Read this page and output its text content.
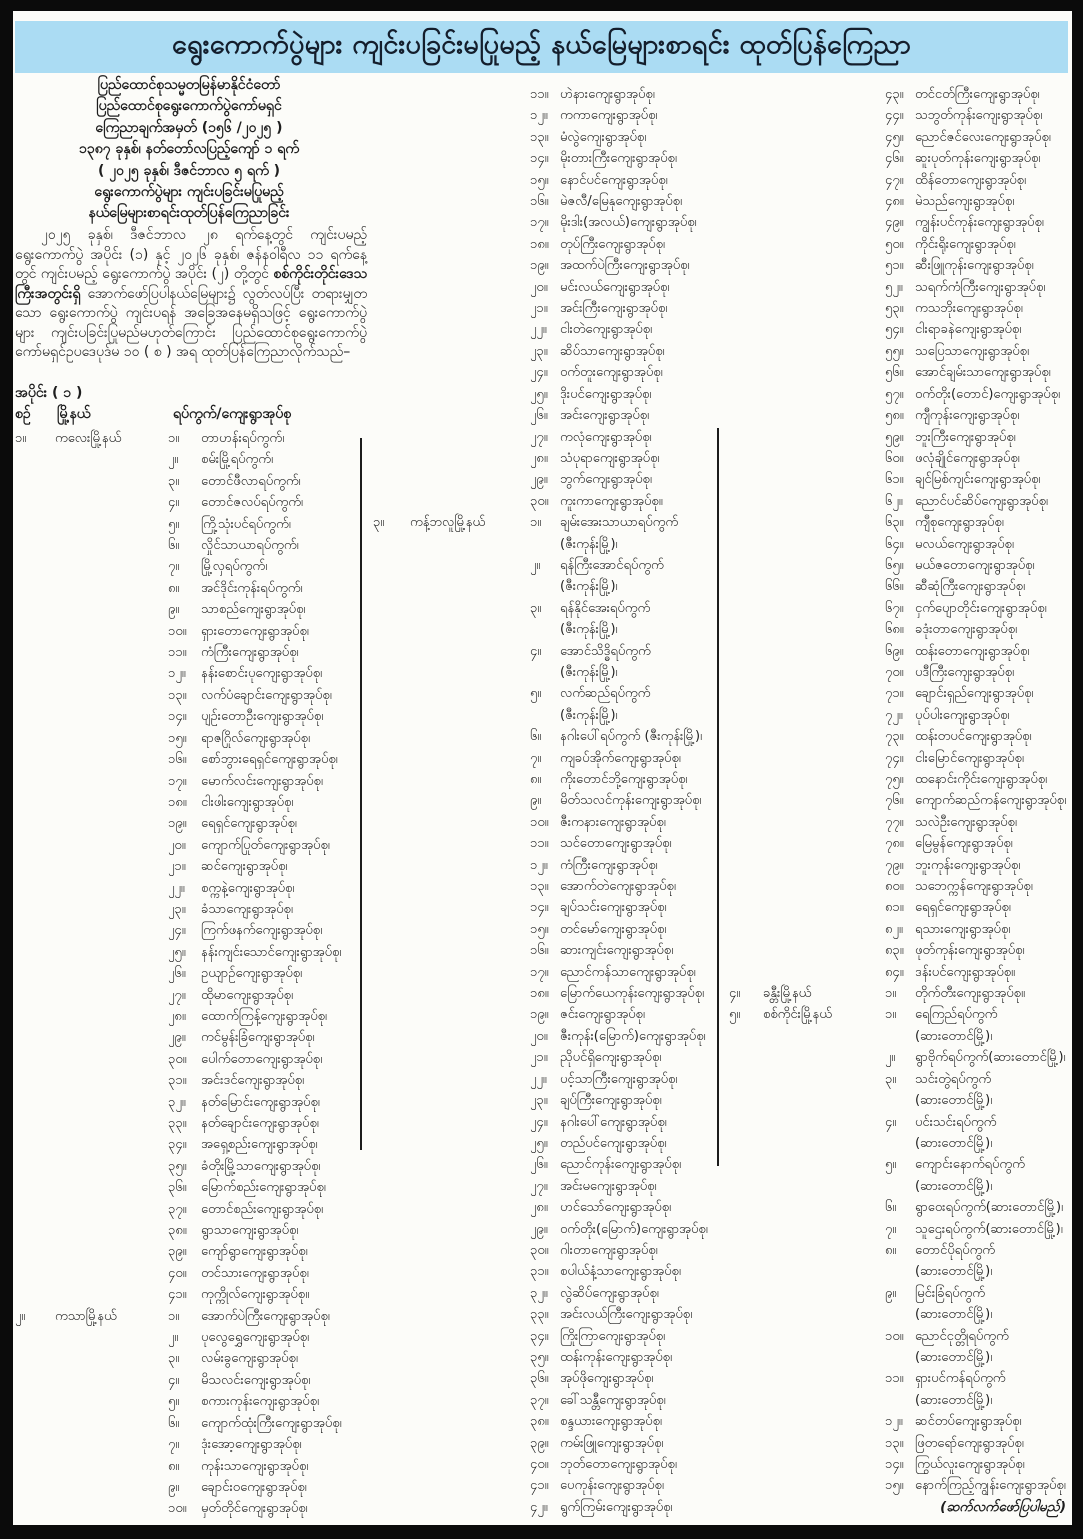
ရွေးကောက်ပွဲများ ကျင်းပခြင်းမပြုမည့် နယ်မြေများစာရင်း ထုတ်ပြန်ကြေညာ
ပြည်ထောင်စုသမ္မတမြန်မာနိုင်ငံတော်
ပြည်ထောင်စုရွေးကောက်ပွဲကော်မရှင်
ကြေညာချက်အမှတ် (၁၅၆ /၂၀၂၅ )
၁၃၈၇ ခုနှစ်၊ နတ်တော်လပြည့်ကျော် ၁ ရက်
( ၂၀၂၅ ခုနှစ်၊ ဒီဇင်ဘာလ ၅ ရက် )
ရွေးကောက်ပွဲများ ကျင်းပခြင်းမပြုမည့်
နယ်မြေများစာရင်းထုတ်ပြန်ကြေညာခြင်း
၂၀၂၅ ခုနှစ်၊ ဒီဇင်ဘာလ ၂၈ ရက်နေ့တွင် ကျင်းပမည့် ရွေးကောက်ပွဲ အပိုင်း (၁) နှင့် ၂၀၂၆ ခုနှစ်၊ ဇန်နဝါရီလ ၁၁ ရက်နေ့တွင် ကျင်းပမည့် ရွေးကောက်ပွဲ အပိုင်း (၂) တို့တွင် စစ်ကိုင်းတိုင်းဒေသကြီးအတွင်းရှိ အောက်ဖော်ပြပါနယ်မြေများ၌ လွတ်လပ်ပြီး တရားမျှတသော ရွေးကောက်ပွဲ ကျင်းပရန် အခြေအနေမရှိသဖြင့် ရွေးကောက်ပွဲများ ကျင်းပခြင်းပြုမည်မဟုတ်ကြောင်း ပြည်ထောင်စုရွေးကောက်ပွဲ ကော်မရှင်ဥပဒေပုဒ်မ ၁၀ ( စ ) အရ ထုတ်ပြန်ကြေညာလိုက်သည်–
အပိုင်း ( ၁ )
စဉ်	မြို့နယ်	ရပ်ကွက်/ကျေးရွာအုပ်စု
၁။	ကလေးမြို့နယ်	၁။	တာဟန်းရပ်ကွက်၊
၂။	စမ်းမြို့ရပ်ကွက်၊
၃။	တောင်ဖီလာရပ်ကွက်၊
၄။	တောင်ဇလပ်ရပ်ကွက်၊
၅။	ကြို့သုံးပင်ရပ်ကွက်၊
၆။	လှိုင်သာယာရပ်ကွက်၊
၇။	မြို့လှရပ်ကွက်၊
၈။	အင်ဒိုင်းကုန်းရပ်ကွက်၊
၉။	သာစည်ကျေးရွာအုပ်စု၊
၁၀။	ရှားတောကျေးရွာအုပ်စု၊
၁၁။	ကံကြီးကျေးရွာအုပ်စု၊
၁၂။	နန်းစောင်းပုကျေးရွာအုပ်စု၊
၁၃။	လက်ပံချောင်းကျေးရွာအုပ်စု၊
၁၄။	ပျဉ်းတောဦးကျေးရွာအုပ်စု၊
၁၅။	ရာဇဂြိုလ်ကျေးရွာအုပ်စု၊
၁၆။	စော်ဘွားရေရှင်ကျေးရွာအုပ်စု၊
၁၇။	မောက်လင်းကျေးရွာအုပ်စု၊
၁၈။	ငါးဖါးကျေးရွာအုပ်စု၊
၁၉။	ရေရှင်ကျေးရွာအုပ်စု၊
၂၀။	ကျောက်ပြုတ်ကျေးရွာအုပ်စု၊
၂၁။	ဆင်ကျေးရွာအုပ်စု၊
၂၂။	စက္ကနဲ့ကျေးရွာအုပ်စု၊
၂၃။	ခံသာကျေးရွာအုပ်စု၊
၂၄။	ကြက်ဖနက်ကျေးရွာအုပ်စု၊
၂၅။	နန်းကျင်းသောင်ကျေးရွာအုပ်စု၊
၂၆။	ဥယျာဉ်ကျေးရွာအုပ်စု၊
၂၇။	ထိုမာကျေးရွာအုပ်စု၊
၂၈။	ထောက်ကြန့်ကျေးရွာအုပ်စု၊
၂၉။	ကင်မွန်းခြံကျေးရွာအုပ်စု၊
၃၀။	ပေါက်တောကျေးရွာအုပ်စု၊
၃၁။	အင်းဒင်ကျေးရွာအုပ်စု၊
၃၂။	နတ်မြောင်းကျေးရွာအုပ်စု၊
၃၃။	နတ်ချောင်းကျေးရွာအုပ်စု၊
၃၄။	အရှေ့စည်းကျေးရွာအုပ်စု၊
၃၅။	ခံတိုးမြို့သာကျေးရွာအုပ်စု၊
၃၆။	မြောက်စည်းကျေးရွာအုပ်စု၊
၃၇။	တောင်စည်းကျေးရွာအုပ်စု၊
၃၈။	ရွာသာကျေးရွာအုပ်စု၊
၃၉။	ကျော်ရွာကျေးရွာအုပ်စု၊
၄၀။	တင်သားကျေးရွာအုပ်စု၊
၄၁။	ကုက္ကိုလ်ကျေးရွာအုပ်စု။
၂။	ကသာမြို့နယ်	၁။	အောက်ပဲကြီးကျေးရွာအုပ်စု၊
၂။	ပုလွေရွှေကျေးရွာအုပ်စု၊
၃။	လမ်းခွကျေးရွာအုပ်စု၊
၄။	မိသလင်းကျေးရွာအုပ်စု၊
၅။	စကားကုန်းကျေးရွာအုပ်စု၊
၆။	ကျောက်ထုံးကြီးကျေးရွာအုပ်စု၊
၇။	ဒုံးအော့ကျေးရွာအုပ်စု၊
၈။	ကုန်းသာကျေးရွာအုပ်စု၊
၉။	ချောင်းဝကျေးရွာအုပ်စု၊
၁၀။	မှတ်တိုင်ကျေးရွာအုပ်စု၊
၁၁။ ဟဲနားကျေးရွာအုပ်စု၊
၁၂။ ကကာကျေးရွာအုပ်စု၊
၁၃။ မံလွဲကျေးရွာအုပ်စု၊
၁၄။ မိုးတားကြီးကျေးရွာအုပ်စု၊
၁၅။ နောင်ပင်ကျေးရွာအုပ်စု၊
၁၆။ မဲဇလီ/မြေနုကျေးရွာအုပ်စု၊
၁၇။ မိုးဒါး(အလယ်)ကျေးရွာအုပ်စု၊
၁၈။ တုပ်ကြီးကျေးရွာအုပ်စု၊
၁၉။ အထက်ပဲကြီးကျေးရွာအုပ်စု၊
၂၀။ မင်းလယ်ကျေးရွာအုပ်စု၊
၂၁။ အင်းကြီးကျေးရွာအုပ်စု၊
၂၂။	ငါးတဲကျေးရွာအုပ်စု၊
၂၃။ ဆိပ်သာကျေးရွာအုပ်စု၊
၂၄။ ဝက်တူးကျေးရွာအုပ်စု၊
၂၅။ ဒိုးပင်ကျေးရွာအုပ်စု၊
၂၆။ အင်းကျေးရွာအုပ်စု၊
၂၇။ ကလုံကျေးရွာအုပ်စု၊
၂၈။ သံပုရာကျေးရွာအုပ်စု၊
၂၉။ ဘွက်ကျေးရွာအုပ်စု၊
၃၀။ ကူးကာကျေးရွာအုပ်စု။
၃။	ကန့်ဘလူမြို့နယ်	၁။	ချမ်းအေးသာယာရပ်ကွက်
(ဇီးကုန်းမြို့)၊
၂။	ရန်ကြီးအောင်ရပ်ကွက်
(ဇီးကုန်းမြို့)၊
၃။	ရန်နိုင်အေးရပ်ကွက်
(ဇီးကုန်းမြို့)၊
၄။	အောင်သိဒ္ဓိရပ်ကွက်
(ဇီးကုန်းမြို့)၊
၅။	လက်ဆည်ရပ်ကွက်
(ဇီးကုန်းမြို့)၊
၆။	နဂါးပေါ်ရပ်ကွက် (ဇီးကုန်းမြို့)၊
၇။	ကျခပ်အိုက်ကျေးရွာအုပ်စု၊
၈။	ကိုးတောင်ဘို့ကျေးရွာအုပ်စု၊
၉။	မိတ်သလင်ကုန်းကျေးရွာအုပ်စု၊
၁၀။ ဇီးကနားကျေးရွာအုပ်စု၊
၁၁။ သင်တောကျေးရွာအုပ်စု၊
၁၂။ ကံကြီးကျေးရွာအုပ်စု၊
၁၃။ အောက်တဲကျေးရွာအုပ်စု၊
၁၄။ ချပ်သင်းကျေးရွာအုပ်စု၊
၁၅။ တင်မော်ကျေးရွာအုပ်စု၊
၁၆။ ဆားကျင်းကျေးရွာအုပ်စု၊
၁၇။ ညောင်ကန်သာကျေးရွာအုပ်စု၊
၁၈။ မြောက်ယေကုန်းကျေးရွာအုပ်စု၊
၁၉။ ဇင်းကျေးရွာအုပ်စု၊
၂၀။ ဇီးကုန်း(မြောက်)ကျေးရွာအုပ်စု၊
၂၁။ ညိုပင်ရှိကျေးရွာအုပ်စု၊
၂၂။	ပင့်သာကြီးကျေးရွာအုပ်စု၊
၂၃။ ချပ်ကြီးကျေးရွာအုပ်စု၊
၂၄။ နဂါးပေါ်ကျေးရွာအုပ်စု၊
၂၅။ တည်ပင်ကျေးရွာအုပ်စု၊
၂၆။ ညောင်ကုန်းကျေးရွာအုပ်စု၊
၂၇။ အင်းမကျေးရွာအုပ်စု၊
၂၈။ ဟင်သော်ကျေးရွာအုပ်စု၊
၂၉။ ဝက်တိုး(မြောက်)ကျေးရွာအုပ်စု၊
၃၀။ ဂါးတာကျေးရွာအုပ်စု၊
၃၁။ စပါယ်နံ့သာကျေးရွာအုပ်စု၊
၃၂။ လွဲဆိပ်ကျေးရွာအုပ်စု၊
၃၃။ အင်းလယ်ကြီးကျေးရွာအုပ်စု၊
၃၄။ ကြိုးကြာကျေးရွာအုပ်စု၊
၃၅။ ထန်းကုန်းကျေးရွာအုပ်စု၊
၃၆။ အုပ်ဖိုကျေးရွာအုပ်စု၊
၃၇။ ခေါ်သန္တီကျေးရွာအုပ်စု၊
၃၈။ စန္ဒယားကျေးရွာအုပ်စု၊
၃၉။ ကမ်းဖြူကျေးရွာအုပ်စု၊
၄၀။ ဘုတ်တောကျေးရွာအုပ်စု၊
၄၁။ ပေကုန်းကျေးရွာအုပ်စု၊
၄၂။ ရွက်ကြမ်းကျေးရွာအုပ်စု၊
၄၃။ တင်ငတ်ကြီးကျေးရွာအုပ်စု၊
၄၄။ သဘွတ်ကုန်းကျေးရွာအုပ်စု၊
၄၅။ ညောင်ဇင်လေးကျေးရွာအုပ်စု၊
၄၆။ ဆူးပုတ်ကုန်းကျေးရွာအုပ်စု၊
၄၇။ ထိန်တောကျေးရွာအုပ်စု၊
၄၈။ မဲသည်ကျေးရွာအုပ်စု၊
၄၉။ ကျွန်းပင်ကုန်းကျေးရွာအုပ်စု၊
၅၀။ ကိုင်းရိုးကျေးရွာအုပ်စု၊
၅၁။ ဆီးဖြူကုန်းကျေးရွာအုပ်စု၊
၅၂။ သရက်ကံကြီးကျေးရွာအုပ်စု၊
၅၃။ ကသဘိုးကျေးရွာအုပ်စု၊
၅၄။ ငါးရာခနဲကျေးရွာအုပ်စု၊
၅၅။ သပြေသာကျေးရွာအုပ်စု၊
၅၆။ အောင်ချမ်းသာကျေးရွာအုပ်စု၊
၅၇။ ဝက်တိုး(တောင်)ကျေးရွာအုပ်စု၊
၅၈။ ကျီကုန်းကျေးရွာအုပ်စု၊
၅၉။ ဘူးကြီးကျေးရွာအုပ်စု၊
၆၀။ ဖလုံချိုင်ကျေးရွာအုပ်စု၊
၆၁။ ချင်မြစ်ကျင်းကျေးရွာအုပ်စု၊
၆၂။ ညောင်ပင်ဆိပ်ကျေးရွာအုပ်စု၊
၆၃။ ကျီစုကျေးရွာအုပ်စု၊
၆၄။ မလယ်ကျေးရွာအုပ်စု၊
၆၅။ မယ်ဇတောကျေးရွာအုပ်စု၊
၆၆။ ဆီဆုံကြီးကျေးရွာအုပ်စု၊
၆၇။ ငှက်ပျောတိုင်းကျေးရွာအုပ်စု၊
၆၈။ ခဒုံးတာကျေးရွာအုပ်စု၊
၆၉။ ထန်းတောကျေးရွာအုပ်စု၊
၇၀။ ပဒီကြီးကျေးရွာအုပ်စု၊
၇၁။ ချောင်းရှည်ကျေးရွာအုပ်စု၊
၇၂။ ပုပ်ပါးကျေးရွာအုပ်စု၊
၇၃။ ထန်းတပင်ကျေးရွာအုပ်စု၊
၇၄။ ငါးမြောင်ကျေးရွာအုပ်စု၊
၇၅။ ထနောင်းကိုင်းကျေးရွာအုပ်စု၊
၇၆။ ကျောက်ဆည်ကန်ကျေးရွာအုပ်စု၊
၇၇။ သလဲဦးကျေးရွာအုပ်စု၊
၇၈။ မြေမွန်ကျေးရွာအုပ်စု၊
၇၉။ ဘူးကုန်းကျေးရွာအုပ်စု၊
၈၀။ သဘေက္ကန်ကျေးရွာအုပ်စု၊
၈၁။ ရေရှင်ကျေးရွာအုပ်စု၊
၈၂။ ရသားကျေးရွာအုပ်စု၊
၈၃။ ဖုတ်ကုန်းကျေးရွာအုပ်စု၊
၈၄။ ဒန်းပင်ကျေးရွာအုပ်စု။
၄။	ခန္တီးမြို့နယ်	၁။	တိုက်တီးကျေးရွာအုပ်စု။
၅။	စစ်ကိုင်းမြို့နယ်	၁။	ရေကြည်ရပ်ကွက်
(ဆားတောင်မြို့)၊
၂။	ရွာဗိုက်ရပ်ကွက်(ဆားတောင်မြို့)၊
၃။	သင်းတွဲရပ်ကွက်
(ဆားတောင်မြို့)၊
၄။	ပင်းသင်းရပ်ကွက်
(ဆားတောင်မြို့)၊
၅။	ကျောင်းနောက်ရပ်ကွက်
(ဆားတောင်မြို့)၊
၆။	ရွာဝေးရပ်ကွက်(ဆားတောင်မြို့)၊
၇။	သူဌေးရပ်ကွက်(ဆားတောင်မြို့)၊
၈။	တောင်ပိုရပ်ကွက်
(ဆားတောင်မြို့)၊
၉။	မြင်းခြံရပ်ကွက်
(ဆားတောင်မြို့)၊
၁၀။ ညောင်ငုတ္တိုရပ်ကွက်
(ဆားတောင်မြို့)၊
၁၁။ ရှားပင်ကန်ရပ်ကွက်
(ဆားတောင်မြို့)၊
၁၂။ ဆင်တပ်ကျေးရွာအုပ်စု၊
၁၃။ ဖြတရော်ကျေးရွာအုပ်စု၊
၁၄။ ကြွယ်လူးကျေးရွာအုပ်စု၊
၁၅။ နောက်ကြည့်ကျွန်းကျေးရွာအုပ်စု၊
(ဆက်လက်ဖော်ပြပါမည်)
